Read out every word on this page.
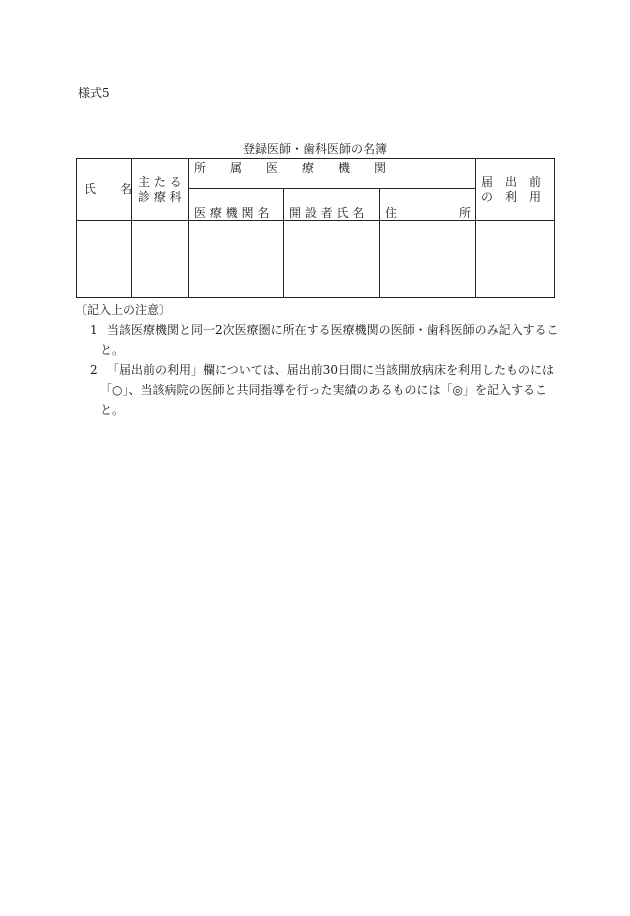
様式5
登録医師・歯科医師の名簿
氏　　名 主 た る
診 療 科
所　　属　　医　　療　　機　　関
医 療 機 関 名 開 設 者 氏 名 住	所
届　出　前
の　利　用
〔記入上の注意〕
1 当該医療機関と同一2次医療圏に所在する医療機関の医師・歯科医師のみ記入すること。
2 「届出前の利用」欄については、届出前30日間に当該開放病床を利用したものには「○」、当該病院の医師と共同指導を行った実績のあるものには「◎」を記入すること。
